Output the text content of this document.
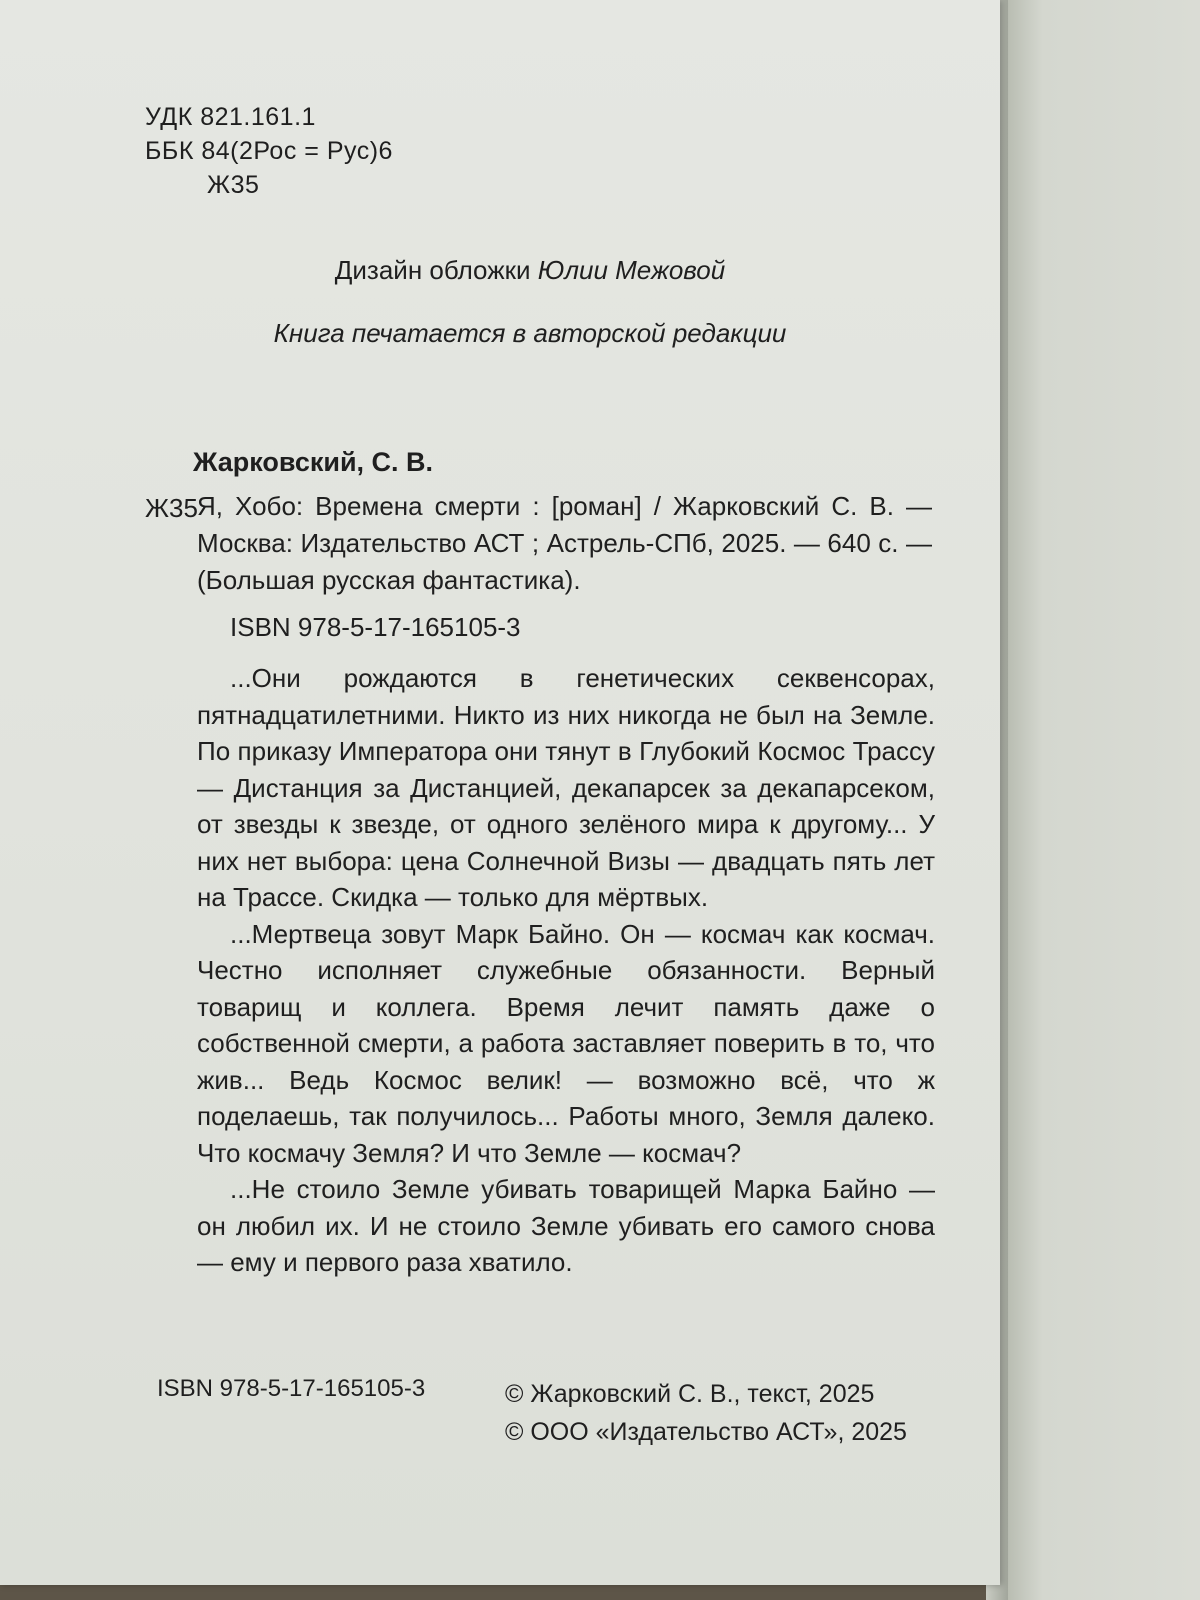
УДК 821.161.1
ББК 84(2Рос = Рус)6
Ж35
Дизайн обложки Юлии Межовой
Книга печатается в авторской редакции
Жарковский, С. В.
Ж35 Я, Хобо: Времена смерти : [роман] / Жарковский С. В. — Москва: Издательство АСТ ; Астрель-СПб, 2025. — 640 с. — (Большая русская фантастика).
ISBN 978-5-17-165105-3

...Они рождаются в генетических секвенсорах, пятнадцатилетними. Никто из них никогда не был на Земле. По приказу Императора они тянут в Глубокий Космос Трассу — Дистанция за Дистанцией, декапарсек за декапарсеком, от звезды к звезде, от одного зелёного мира к другому... У них нет выбора: цена Солнечной Визы — двадцать пять лет на Трассе. Скидка — только для мёртвых.

...Мертвеца зовут Марк Байно. Он — космач как космач. Честно исполняет служебные обязанности. Верный товарищ и коллега. Время лечит память даже о собственной смерти, а работа заставляет поверить в то, что жив... Ведь Космос велик! — возможно всё, что ж поделаешь, так получилось... Работы много, Земля далеко. Что космачу Земля? И что Земле — космач?

...Не стоило Земле убивать товарищей Марка Байно — он любил их. И не стоило Земле убивать его самого снова — ему и первого раза хватило.

ISBN 978-5-17-165105-3	© Жарковский С. В., текст, 2025
© ООО «Издательство АСТ», 2025
